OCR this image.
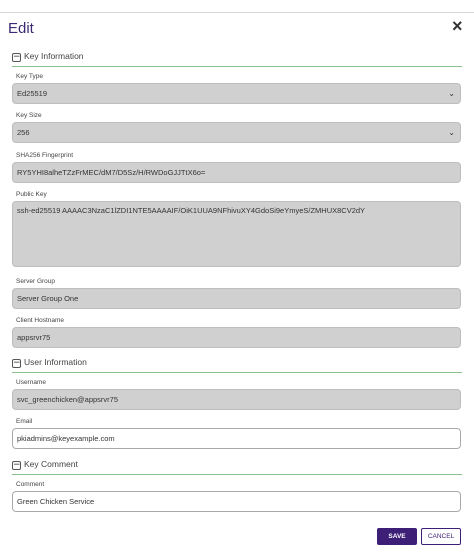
Edit	×
− Key Information
Key Type
Ed25519	⌄
Key Size
256	⌄
SHA256 Fingerprint
RY5YHI8alheTZzFrMEC/dM7/D5Sz/H/RWDoGJJTtX6o=
Public Key
ssh-ed25519 AAAAC3NzaC1lZDI1NTE5AAAAIF/OiK1UUA9NFhivuXY4GdoSi9eYmyeS/ZMHUX8CV2dY
Server Group
Server Group One
Client Hostname
appsrvr75
− User Information
Username
svc_greenchicken@appsrvr75
Email
pkiadmins@keyexample.com
− Key Comment
Comment
Green Chicken Service
SAVE	CANCEL
